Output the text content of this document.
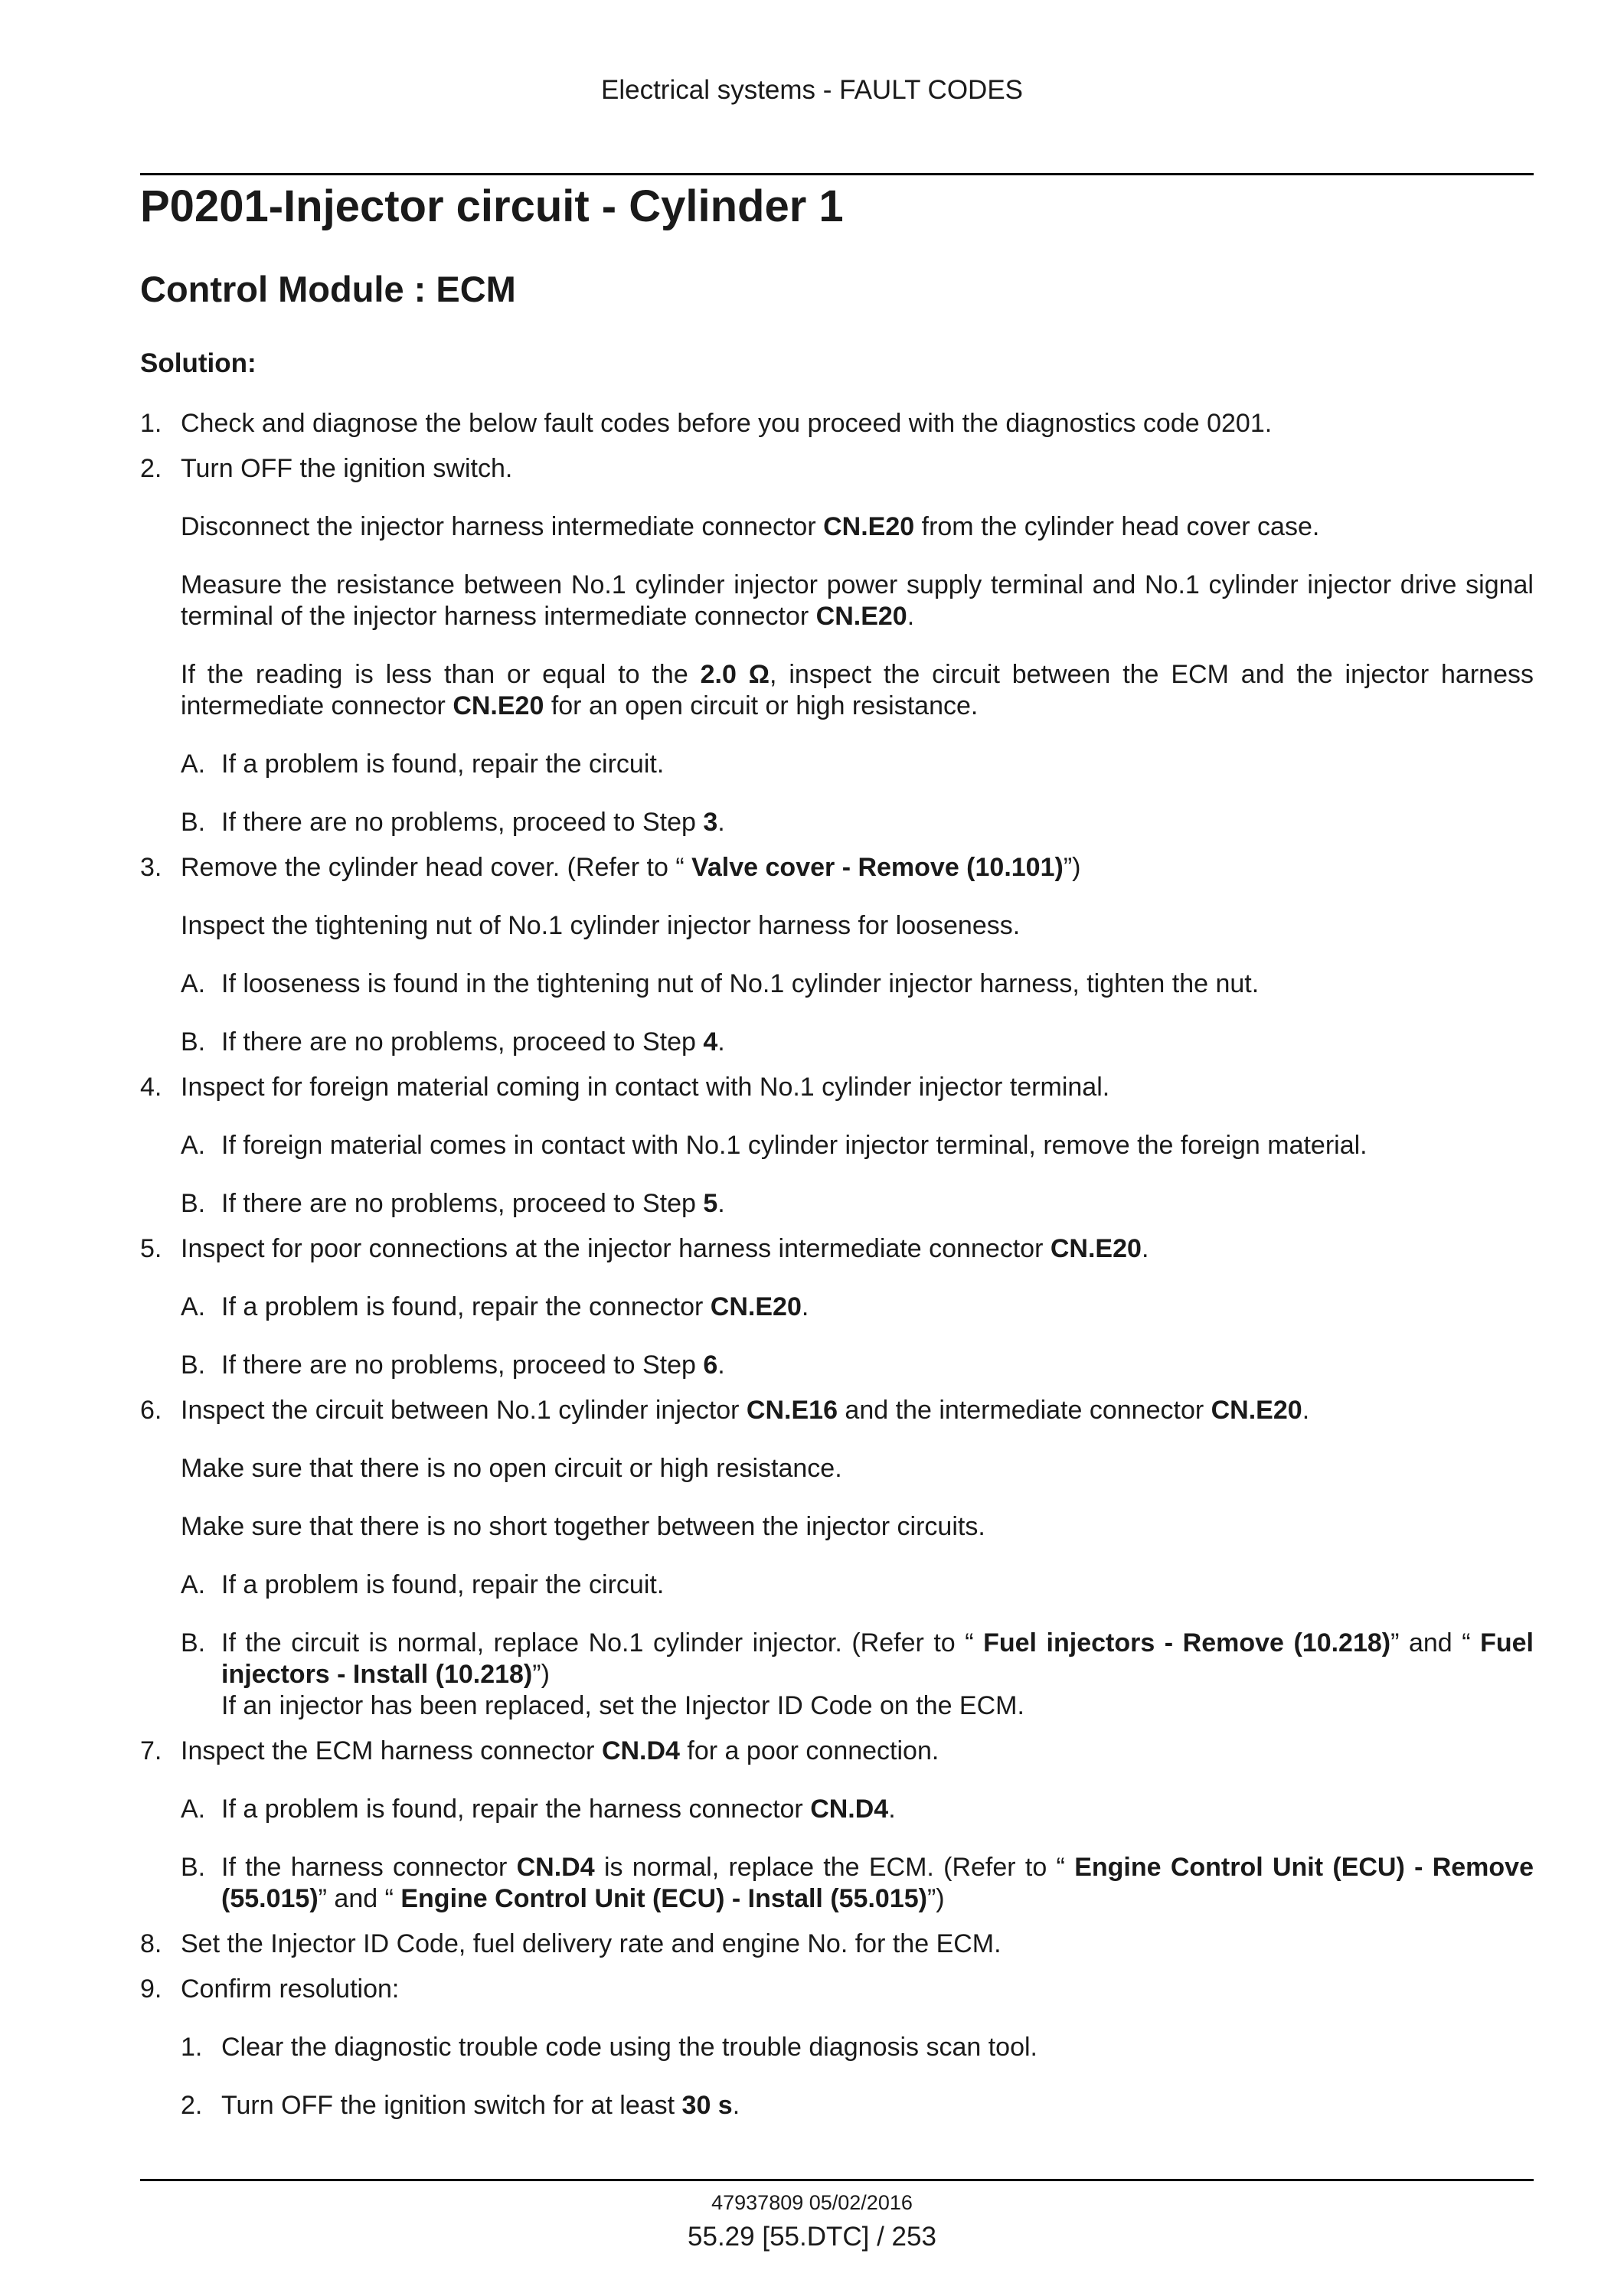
Electrical systems - FAULT CODES
P0201-Injector circuit - Cylinder 1
Control Module : ECM
Solution:
1. Check and diagnose the below fault codes before you proceed with the diagnostics code 0201.
2. Turn OFF the ignition switch.
Disconnect the injector harness intermediate connector CN.E20 from the cylinder head cover case.
Measure the resistance between No.1 cylinder injector power supply terminal and No.1 cylinder injector drive signal terminal of the injector harness intermediate connector CN.E20.
If the reading is less than or equal to the 2.0 Ω, inspect the circuit between the ECM and the injector harness intermediate connector CN.E20 for an open circuit or high resistance.
A. If a problem is found, repair the circuit.
B. If there are no problems, proceed to Step 3.
3. Remove the cylinder head cover. (Refer to “ Valve cover - Remove (10.101)”)
Inspect the tightening nut of No.1 cylinder injector harness for looseness.
A. If looseness is found in the tightening nut of No.1 cylinder injector harness, tighten the nut.
B. If there are no problems, proceed to Step 4.
4. Inspect for foreign material coming in contact with No.1 cylinder injector terminal.
A. If foreign material comes in contact with No.1 cylinder injector terminal, remove the foreign material.
B. If there are no problems, proceed to Step 5.
5. Inspect for poor connections at the injector harness intermediate connector CN.E20.
A. If a problem is found, repair the connector CN.E20.
B. If there are no problems, proceed to Step 6.
6. Inspect the circuit between No.1 cylinder injector CN.E16 and the intermediate connector CN.E20.
Make sure that there is no open circuit or high resistance.
Make sure that there is no short together between the injector circuits.
A. If a problem is found, repair the circuit.
B. If the circuit is normal, replace No.1 cylinder injector. (Refer to “ Fuel injectors - Remove (10.218)” and “ Fuel injectors - Install (10.218)”)
If an injector has been replaced, set the Injector ID Code on the ECM.
7. Inspect the ECM harness connector CN.D4 for a poor connection.
A. If a problem is found, repair the harness connector CN.D4.
B. If the harness connector CN.D4 is normal, replace the ECM. (Refer to “ Engine Control Unit (ECU) - Remove (55.015)” and “ Engine Control Unit (ECU) - Install (55.015)”)
8. Set the Injector ID Code, fuel delivery rate and engine No. for the ECM.
9. Confirm resolution:
1. Clear the diagnostic trouble code using the trouble diagnosis scan tool.
2. Turn OFF the ignition switch for at least 30 s.
47937809 05/02/2016
55.29 [55.DTC] / 253
